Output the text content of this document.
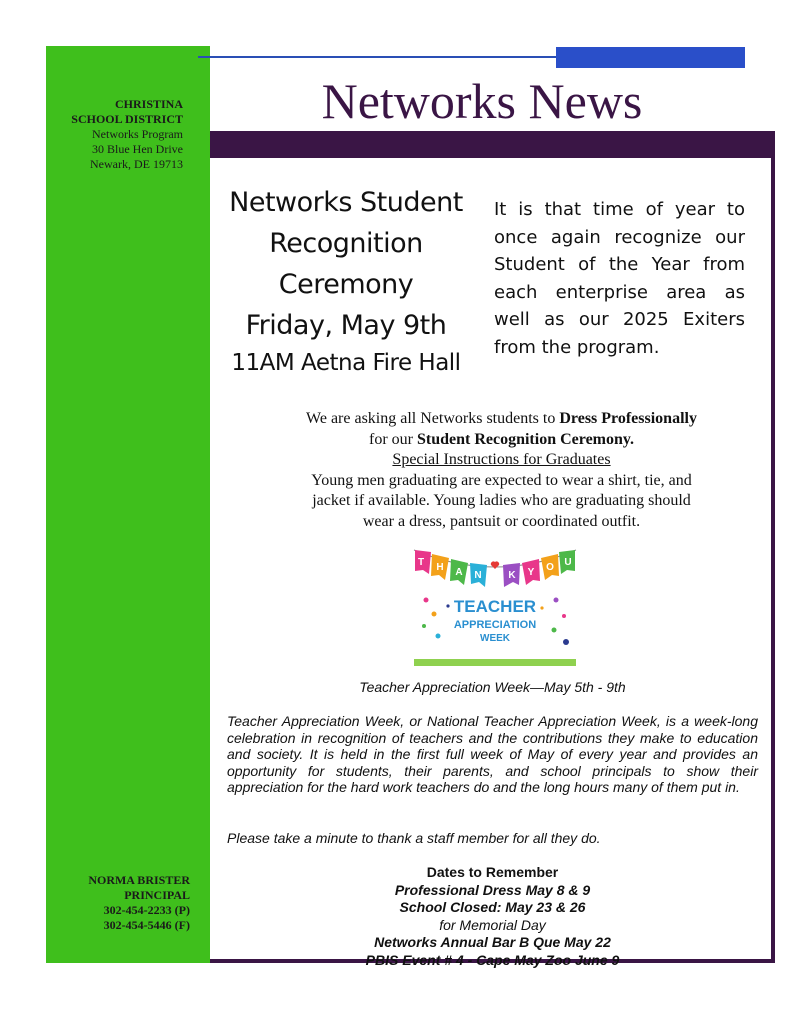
Networks News
CHRISTINA
SCHOOL DISTRICT
Networks Program
30 Blue Hen Drive
Newark, DE 19713
NORMA BRISTER
PRINCIPAL
302-454-2233 (P)
302-454-5446 (F)
Networks Student
Recognition
Ceremony
Friday, May 9th
11AM Aetna Fire Hall
It is that time of year to once again recognize our Student of the Year from each enterprise area as well as our 2025 Exiters from the program.
We are asking all Networks students to Dress Professionally
for our Student Recognition Ceremony.
Special Instructions for Graduates
Young men graduating are expected to wear a shirt, tie, and
jacket if available. Young ladies who are graduating should
wear a dress, pantsuit or coordinated outfit.
T H A N	K Y O U
TEACHER
APPRECIATION
WEEK
Teacher Appreciation Week—May 5th - 9th

Teacher Appreciation Week, or National Teacher Appreciation Week, is a week-long celebration in recognition of teachers and the contributions they make to education and society. It is held in the first full week of May of every year and provides an opportunity for students, their parents, and school principals to show their appreciation for the hard work teachers do and the long hours many of them put in.

Please take a minute to thank a staff member for all they do.

Dates to Remember
Professional Dress May 8 & 9
School Closed: May 23 & 26
for Memorial Day
Networks Annual Bar B Que May 22
PBIS Event # 4 - Cape May Zoo June 9
